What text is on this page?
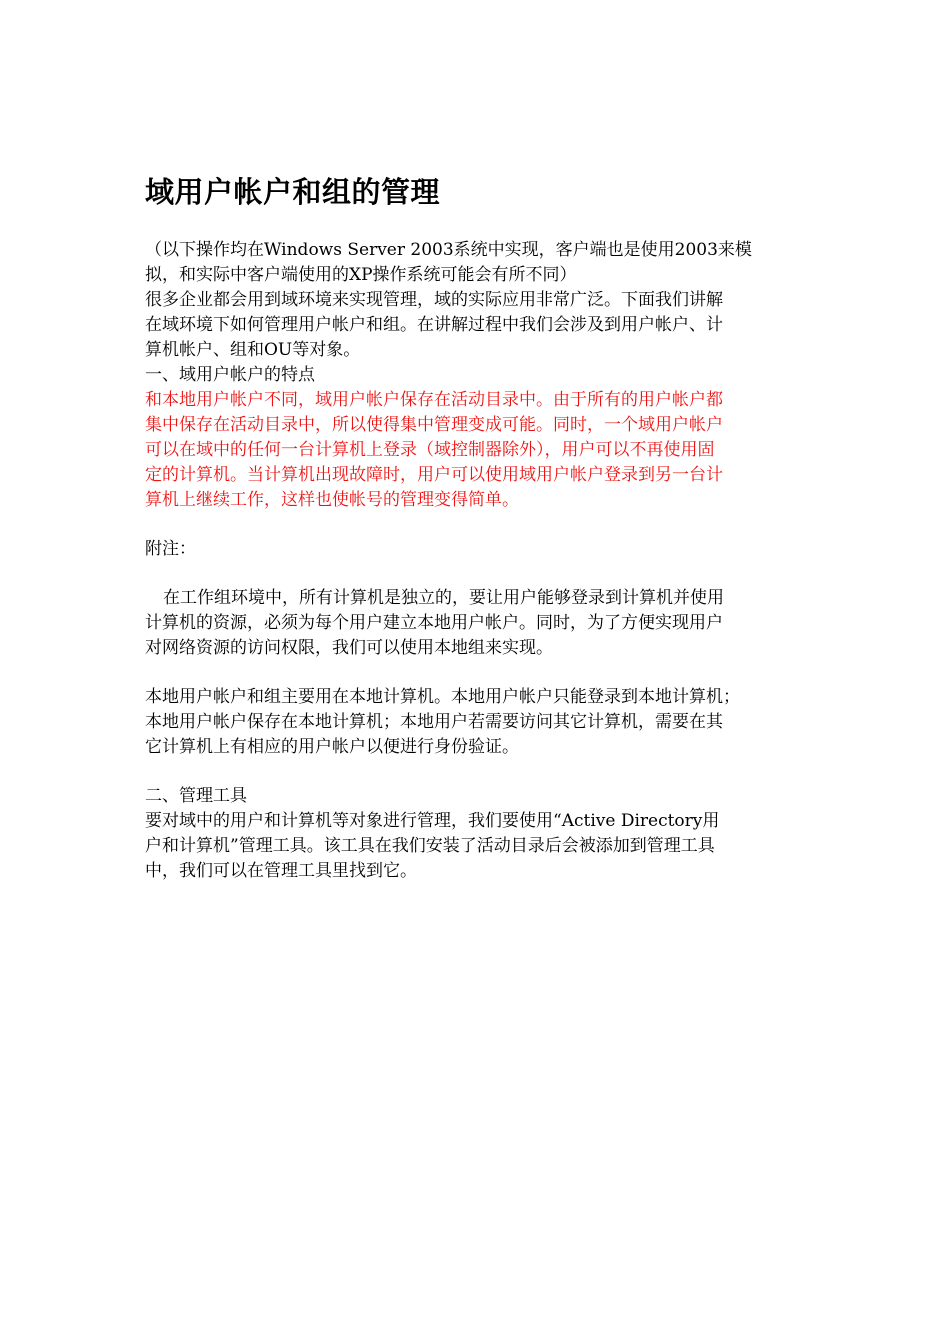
域用户帐户和组的管理
（以下操作均在Windows Server 2003系统中实现，客户端也是使用2003来模
拟，和实际中客户端使用的XP操作系统可能会有所不同）
很多企业都会用到域环境来实现管理，域的实际应用非常广泛。下面我们讲解
在域环境下如何管理用户帐户和组。在讲解过程中我们会涉及到用户帐户、计
算机帐户、组和OU等对象。
一、域用户帐户的特点
和本地用户帐户不同，域用户帐户保存在活动目录中。由于所有的用户帐户都
集中保存在活动目录中，所以使得集中管理变成可能。同时，一个域用户帐户
可以在域中的任何一台计算机上登录（域控制器除外），用户可以不再使用固
定的计算机。当计算机出现故障时，用户可以使用域用户帐户登录到另一台计
算机上继续工作，这样也使帐号的管理变得简单。
附注：
在工作组环境中，所有计算机是独立的，要让用户能够登录到计算机并使用
计算机的资源，必须为每个用户建立本地用户帐户。同时，为了方便实现用户
对网络资源的访问权限，我们可以使用本地组来实现。
本地用户帐户和组主要用在本地计算机。本地用户帐户只能登录到本地计算机；
本地用户帐户保存在本地计算机；本地用户若需要访问其它计算机，需要在其
它计算机上有相应的用户帐户以便进行身份验证。
二、管理工具
要对域中的用户和计算机等对象进行管理，我们要使用“Active Directory用
户和计算机”管理工具。该工具在我们安装了活动目录后会被添加到管理工具
中，我们可以在管理工具里找到它。
